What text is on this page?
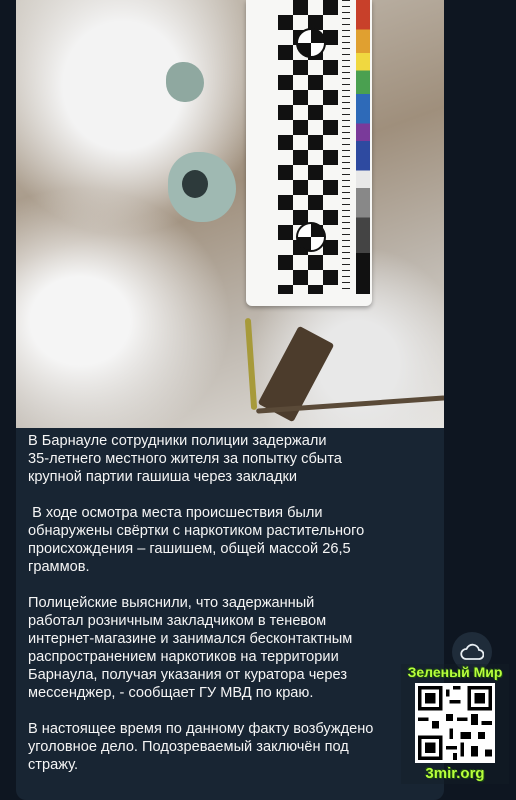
В Барнауле сотрудники полиции задержали
35-летнего местного жителя за попытку сбыта
крупной партии гашиша через закладки

В ходе осмотра места происшествия были
обнаружены свёртки с наркотиком растительного
происхождения – гашишем, общей массой 26,5
граммов.

Полицейские выяснили, что задержанный
работал розничным закладчиком в теневом
интернет-магазине и занимался бесконтактным
распространением наркотиков на территории
Барнаула, получая указания от куратора через
мессенджер, - сообщает ГУ МВД по краю.

В настоящее время по данному факту возбуждено
уголовное дело. Подозреваемый заключён под
стражу.

Зеленый Мир
3mir.org
